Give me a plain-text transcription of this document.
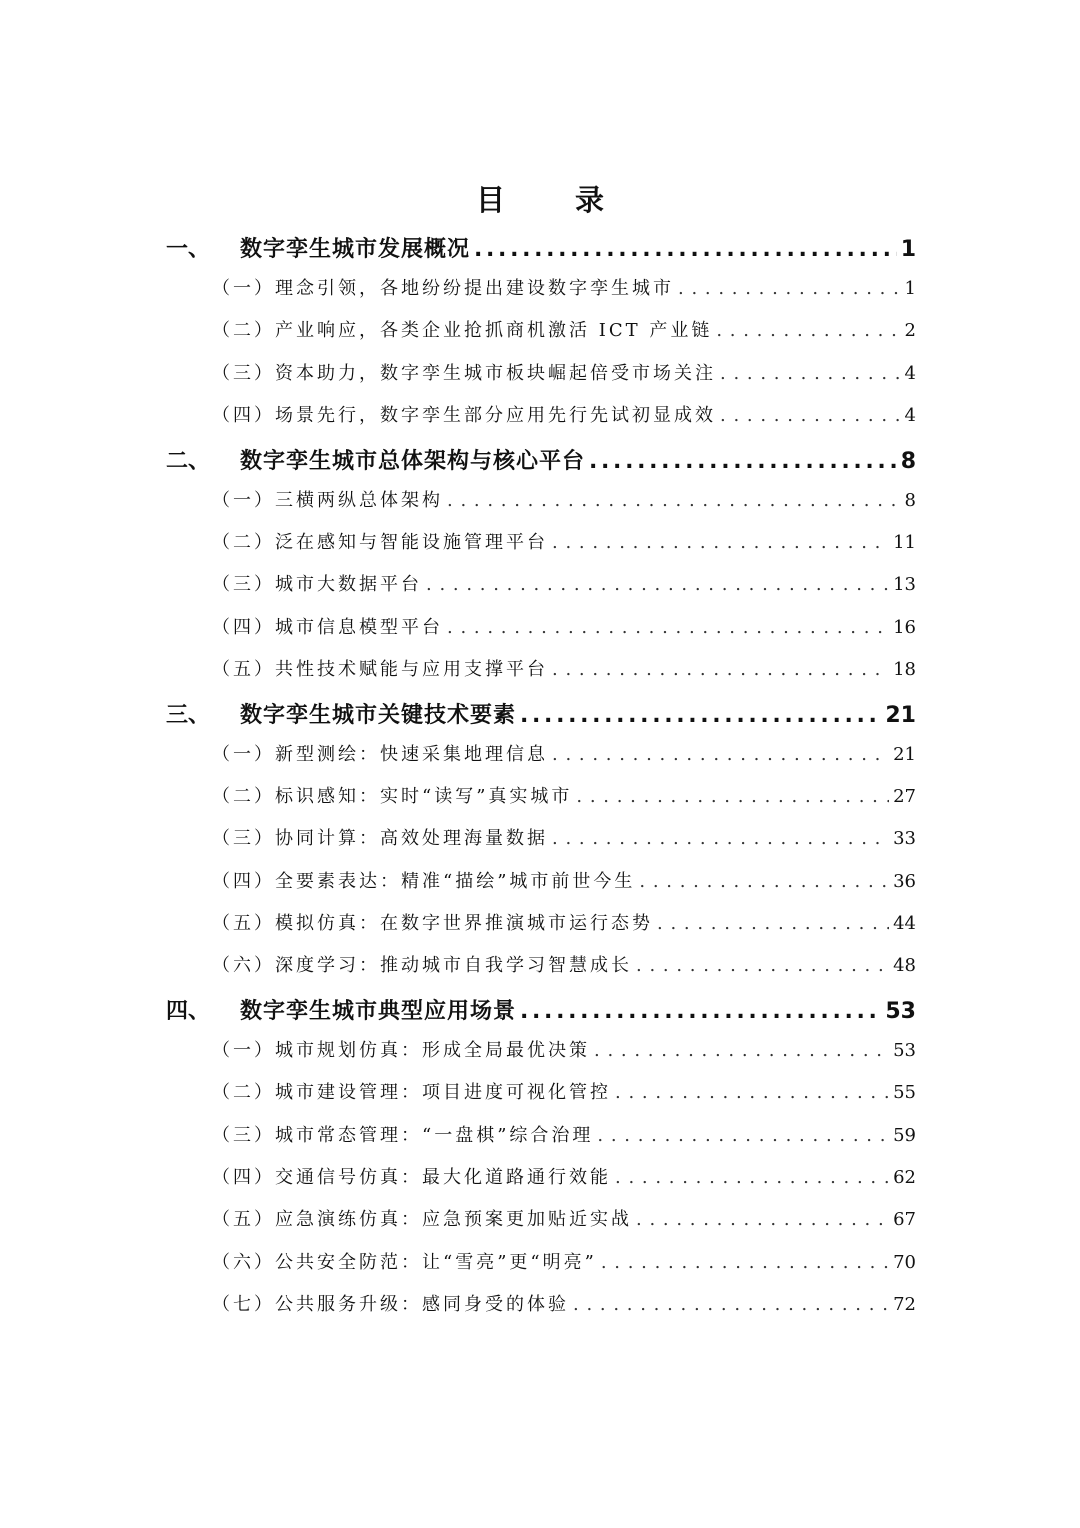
目 录
一、	数字孪生城市发展概况 . . .	1
（一）理念引领，各地纷纷提出建设数字孪生城市 . . .	1
（二）产业响应，各类企业抢抓商机激活 ICT 产业链 . . .	2
（三）资本助力，数字孪生城市板块崛起倍受市场关注 . . .	4
（四）场景先行，数字孪生部分应用先行先试初显成效 . . .	4
二、	数字孪生城市总体架构与核心平台 . . .	8
（一）三横两纵总体架构 . . .	8
（二）泛在感知与智能设施管理平台 . . .	11
（三）城市大数据平台 . . .	13
（四）城市信息模型平台 . . .	16
（五）共性技术赋能与应用支撑平台 . . .	18
三、	数字孪生城市关键技术要素 . . .	21
（一）新型测绘：快速采集地理信息 . . .	21
（二）标识感知：实时“读写”真实城市 . . .	27
（三）协同计算：高效处理海量数据 . . .	33
（四）全要素表达：精准“描绘”城市前世今生 . . .	36
（五）模拟仿真：在数字世界推演城市运行态势 . . .	44
（六）深度学习：推动城市自我学习智慧成长 . . .	48
四、	数字孪生城市典型应用场景 . . .	53
（一）城市规划仿真：形成全局最优决策 . . .	53
（二）城市建设管理：项目进度可视化管控 . . .	55
（三）城市常态管理：“一盘棋”综合治理 . . .	59
（四）交通信号仿真：最大化道路通行效能 . . .	62
（五）应急演练仿真：应急预案更加贴近实战 . . .	67
（六）公共安全防范：让“雪亮”更“明亮” . . .	70
（七）公共服务升级：感同身受的体验 . . .	72
